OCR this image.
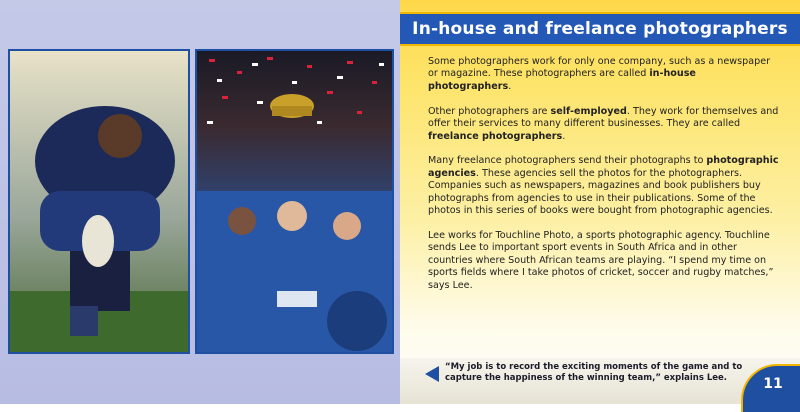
In-house and freelance photographers

Some photographers work for only one company, such as a newspaper or magazine. These photographers are called in-house photographers.

Other photographers are self-employed. They work for themselves and offer their services to many different businesses. They are called freelance photographers.

Many freelance photographers send their photographs to photographic agencies. These agencies sell the photos for the photographers. Companies such as newspapers, magazines and book publishers buy photographs from agencies to use in their publications. Some of the photos in this series of books were bought from photographic agencies.

Lee works for Touchline Photo, a sports photographic agency. Touchline sends Lee to important sport events in South Africa and in other countries where South African teams are playing. “I spend my time on sports fields where I take photos of cricket, soccer and rugby matches,” says Lee.

“My job is to record the exciting moments of the game and to capture the happiness of the winning team,” explains Lee.	11
